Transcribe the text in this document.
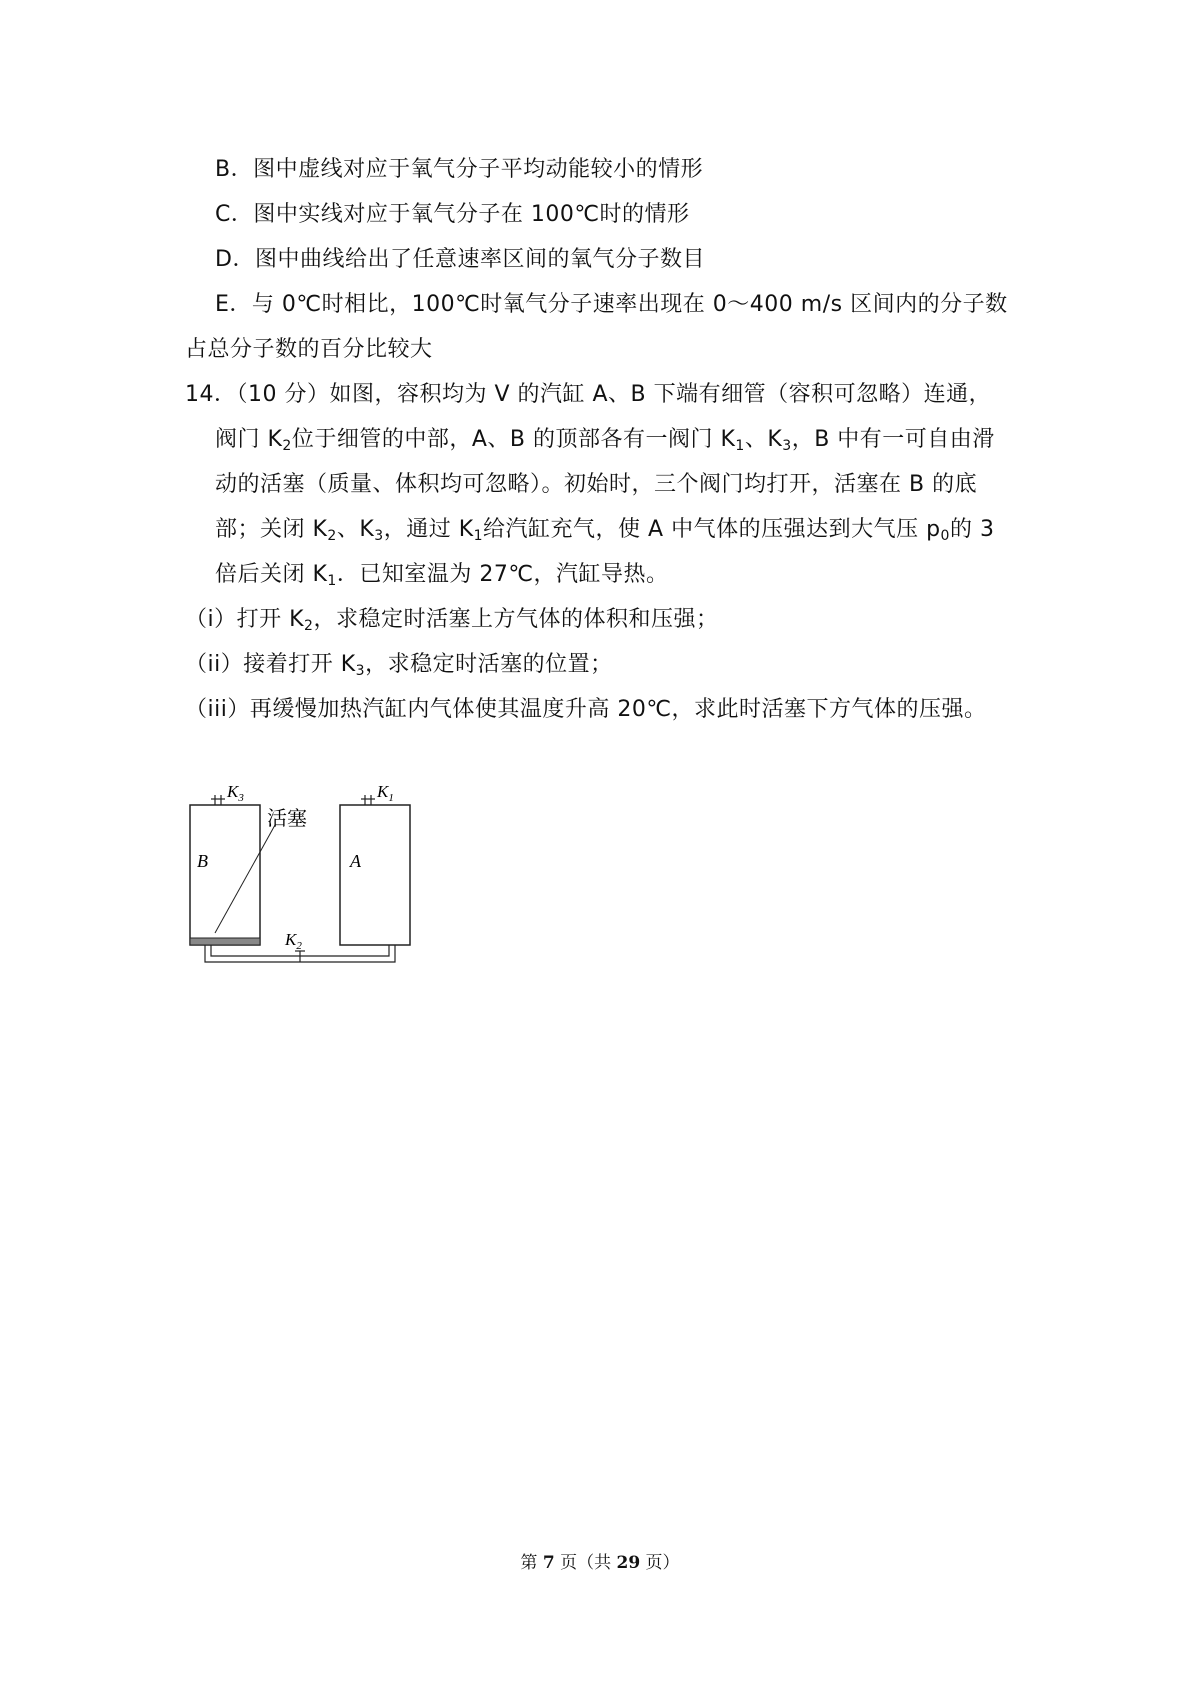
B．图中虚线对应于氧气分子平均动能较小的情形
C．图中实线对应于氧气分子在 100℃时的情形
D．图中曲线给出了任意速率区间的氧气分子数目
E．与 0℃时相比，100℃时氧气分子速率出现在 0～400 m/s 区间内的分子数
占总分子数的百分比较大
14．（10 分）如图，容积均为 V 的汽缸 A、B 下端有细管（容积可忽略）连通，
阀门 $K_2$位于细管的中部，A、B 的顶部各有一阀门 $K_1$、$K_3$，B 中有一可自由滑
动的活塞（质量、体积均可忽略）。初始时，三个阀门均打开，活塞在 B 的底
部；关闭 $K_2$、$K_3$，通过 $K_1$给汽缸充气，使 A 中气体的压强达到大气压 $p_0$的 3
倍后关闭 $K_1$．已知室温为 27℃，汽缸导热。
（i）打开 $K_2$，求稳定时活塞上方气体的体积和压强；
（ii）接着打开 $K_3$，求稳定时活塞的位置；
（iii）再缓慢加热汽缸内气体使其温度升高 20℃，求此时活塞下方气体的压强。
B	A
活塞
$K_3$	$K_1$
$K_2$
第 7 页（共 29 页）
